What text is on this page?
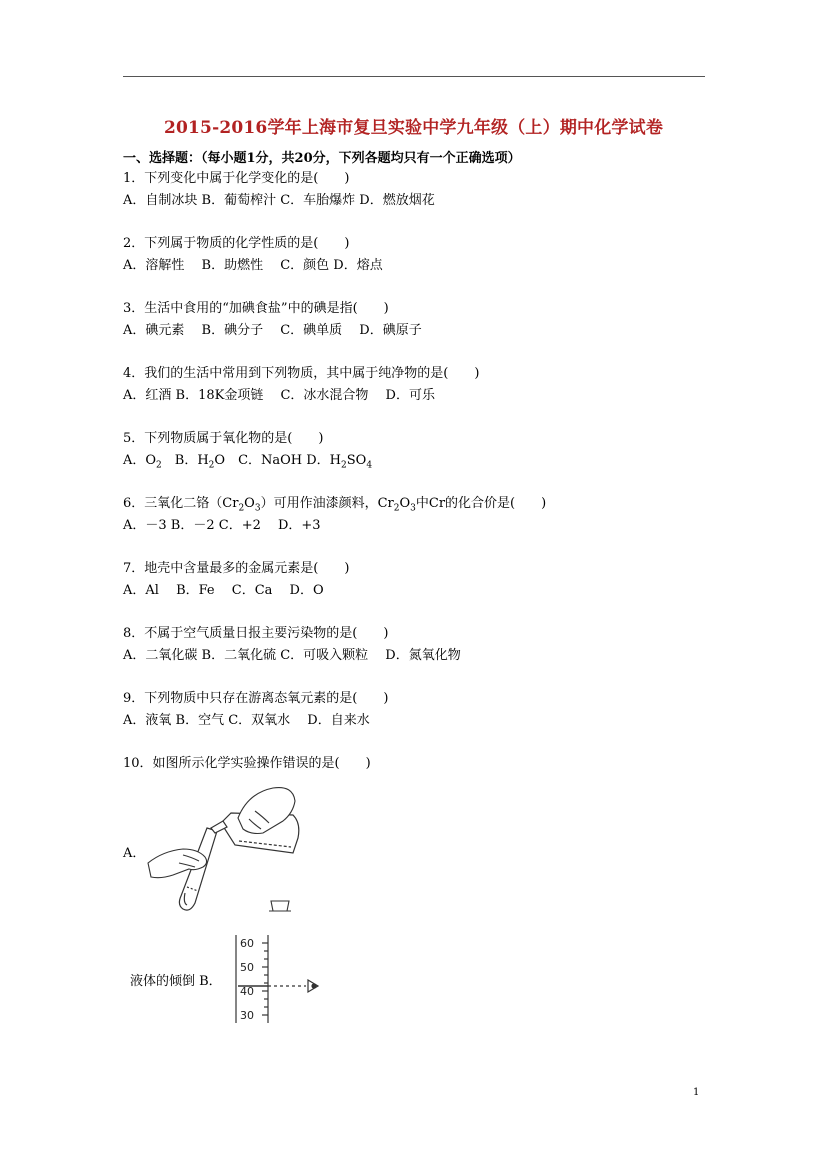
2015-2016学年上海市复旦实验中学九年级（上）期中化学试卷
一、选择题：（每小题1分，共20分，下列各题均只有一个正确选项）
1．下列变化中属于化学变化的是(　　)
A．自制冰块 B．葡萄榨汁 C．车胎爆炸 D．燃放烟花
2．下列属于物质的化学性质的是(　　)
A．溶解性　 B．助燃性　 C．颜色 D．熔点
3．生活中食用的“加碘食盐”中的碘是指(　　)
A．碘元素　 B．碘分子　 C．碘单质　 D．碘原子
4．我们的生活中常用到下列物质，其中属于纯净物的是(　　)
A．红酒 B．18K金项链　 C．冰水混合物　 D．可乐
5．下列物质属于氧化物的是(　　)
A．$O_2$　B．$H_2O$　C．NaOH D．$H_2SO_4$
6．三氧化二铬$(Cr_2O_3)$可用作油漆颜料，$Cr_2O_3$中Cr的化合价是(　　)
A．－3 B．－2 C．+2　 D．+3
7．地壳中含量最多的金属元素是(　　)
A．Al　 B．Fe　 C．Ca　 D．O
8．不属于空气质量日报主要污染物的是(　　)
A．二氧化碳 B．二氧化硫 C．可吸入颗粒　 D．氮氧化物
9．下列物质中只存在游离态氧元素的是(　　)
A．液氧 B．空气 C．双氧水　 D．自来水
10．如图所示化学实验操作错误的是(　　)
A．
液体的倾倒 B．
60
50
40
30
1
